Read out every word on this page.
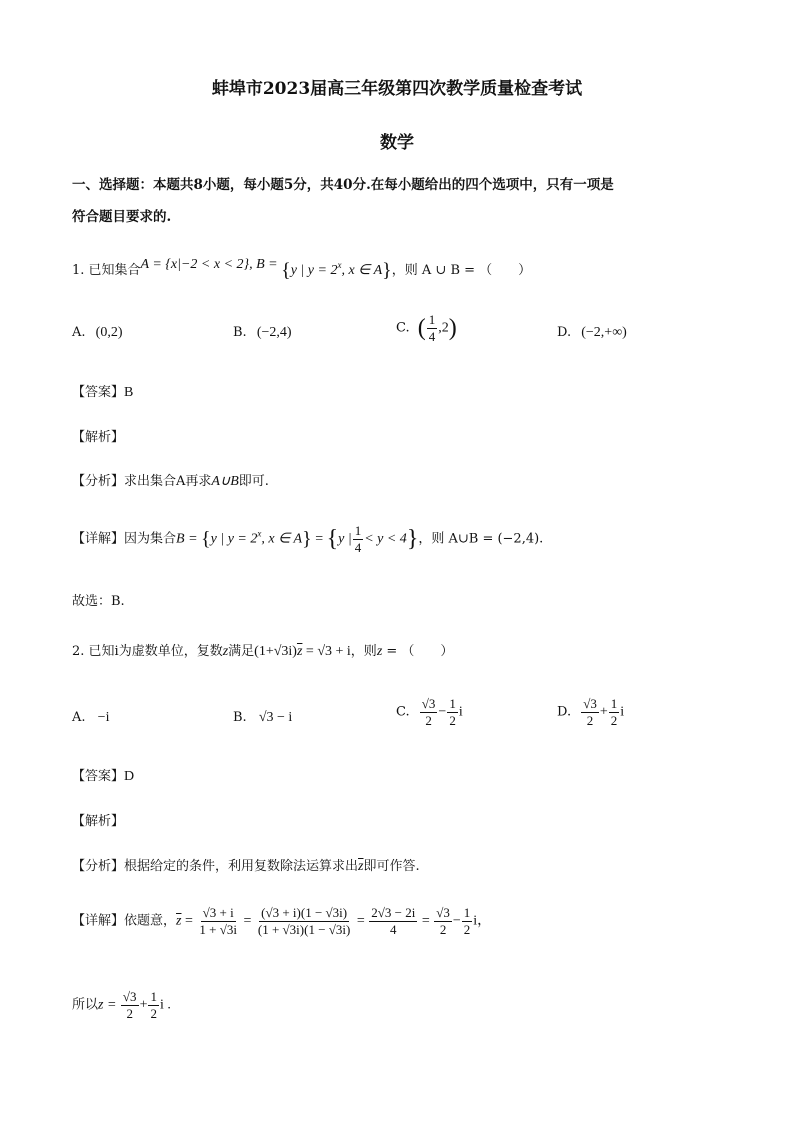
蚌埠市2023届高三年级第四次教学质量检查考试
数学
一、选择题：本题共8小题，每小题5分，共40分.在每小题给出的四个选项中，只有一项是
符合题目要求的.
1. 已知集合A = {x|−2 < x < 2}, B = {y | $y = 2^x$, x ∈ A}，则 A ∪ B = （　　）
A. (0,2)	B. (−2,4)	C. ( $\frac{1}{4} ,2$)	D. (−2,+∞)
【答案】B
【解析】
【分析】求出集合A再求A∪B即可.
【详解】因为集合B = {y | $y = 2^x$, x ∈ A} = {y | $\frac{1}{4} < y < 4$}，则 A∪B = (−2,4).
故选：B.
2. 已知i为虚数单位，复数z满足$(1+√3i)\overline{z} = √3 + i$，则z = （　　）
A. −i	B. √3 − i	C. $\frac{√3}{2} - \frac{1}{2}$ i	D. $\frac{√3}{2} + \frac{1}{2}$ i
【答案】D
【解析】
【分析】根据给定的条件，利用复数除法运算求出$\overline{z}$即可作答.
【详解】依题意，$\overline{z} = \frac{√3 + i}{1 + √3i} = \frac{(√3 + i)(1 - √3i)}{(1 + √3i)(1 - √3i)} = \frac{2√3 - 2i}{4} = \frac{√3}{2} - \frac{1}{2}$ i，
所以$z = \frac{√3}{2} + \frac{1}{2}$ i .
